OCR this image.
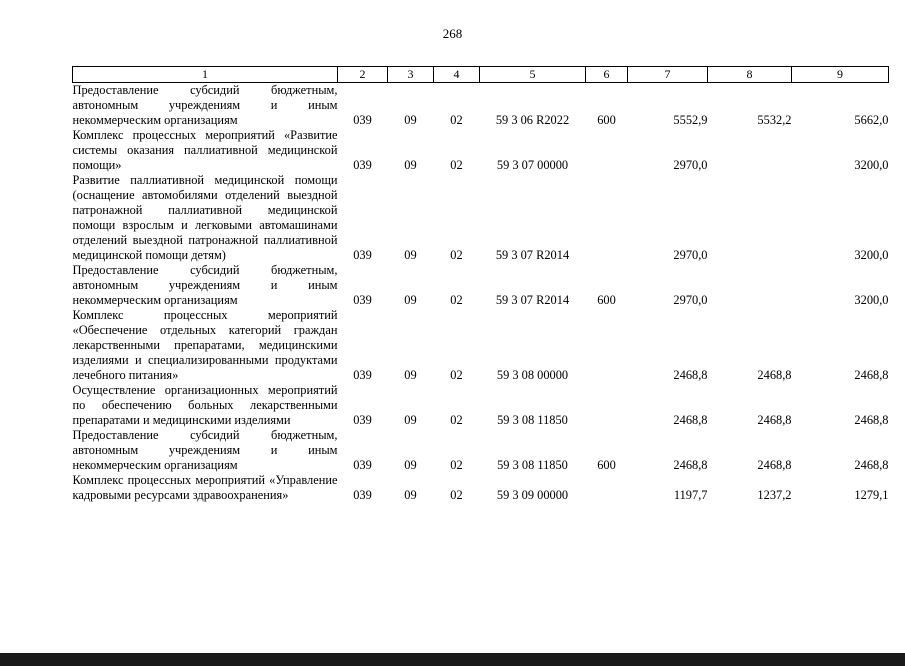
268
1	2	3	4	5	6	7	8	9
Предоставление субсидий бюджетным, автономным учреждениям и иным некоммерческим организациям	039	09	02	59 3 06 R2022	600	5552,9	5532,2	5662,0
Комплекс процессных мероприятий «Развитие системы оказания паллиативной медицинской помощи»	039	09	02	59 3 07 00000		2970,0		3200,0
Развитие паллиативной медицинской помощи (оснащение автомобилями отделений выездной патронажной паллиативной медицинской помощи взрослым и легковыми автомашинами отделений выездной патронажной паллиативной медицинской помощи детям)	039	09	02	59 3 07 R2014		2970,0		3200,0
Предоставление субсидий бюджетным, автономным учреждениям и иным некоммерческим организациям	039	09	02	59 3 07 R2014	600	2970,0		3200,0
Комплекс процессных мероприятий «Обеспечение отдельных категорий граждан лекарственными препаратами, медицинскими изделиями и специализированными продуктами лечебного питания»	039	09	02	59 3 08 00000		2468,8	2468,8	2468,8
Осуществление организационных мероприятий по обеспечению больных лекарственными препаратами и медицинскими изделиями	039	09	02	59 3 08 11850		2468,8	2468,8	2468,8
Предоставление субсидий бюджетным, автономным учреждениям и иным некоммерческим организациям	039	09	02	59 3 08 11850	600	2468,8	2468,8	2468,8
Комплекс процессных мероприятий «Управление кадровыми ресурсами здравоохранения»	039	09	02	59 3 09 00000		1197,7	1237,2	1279,1
